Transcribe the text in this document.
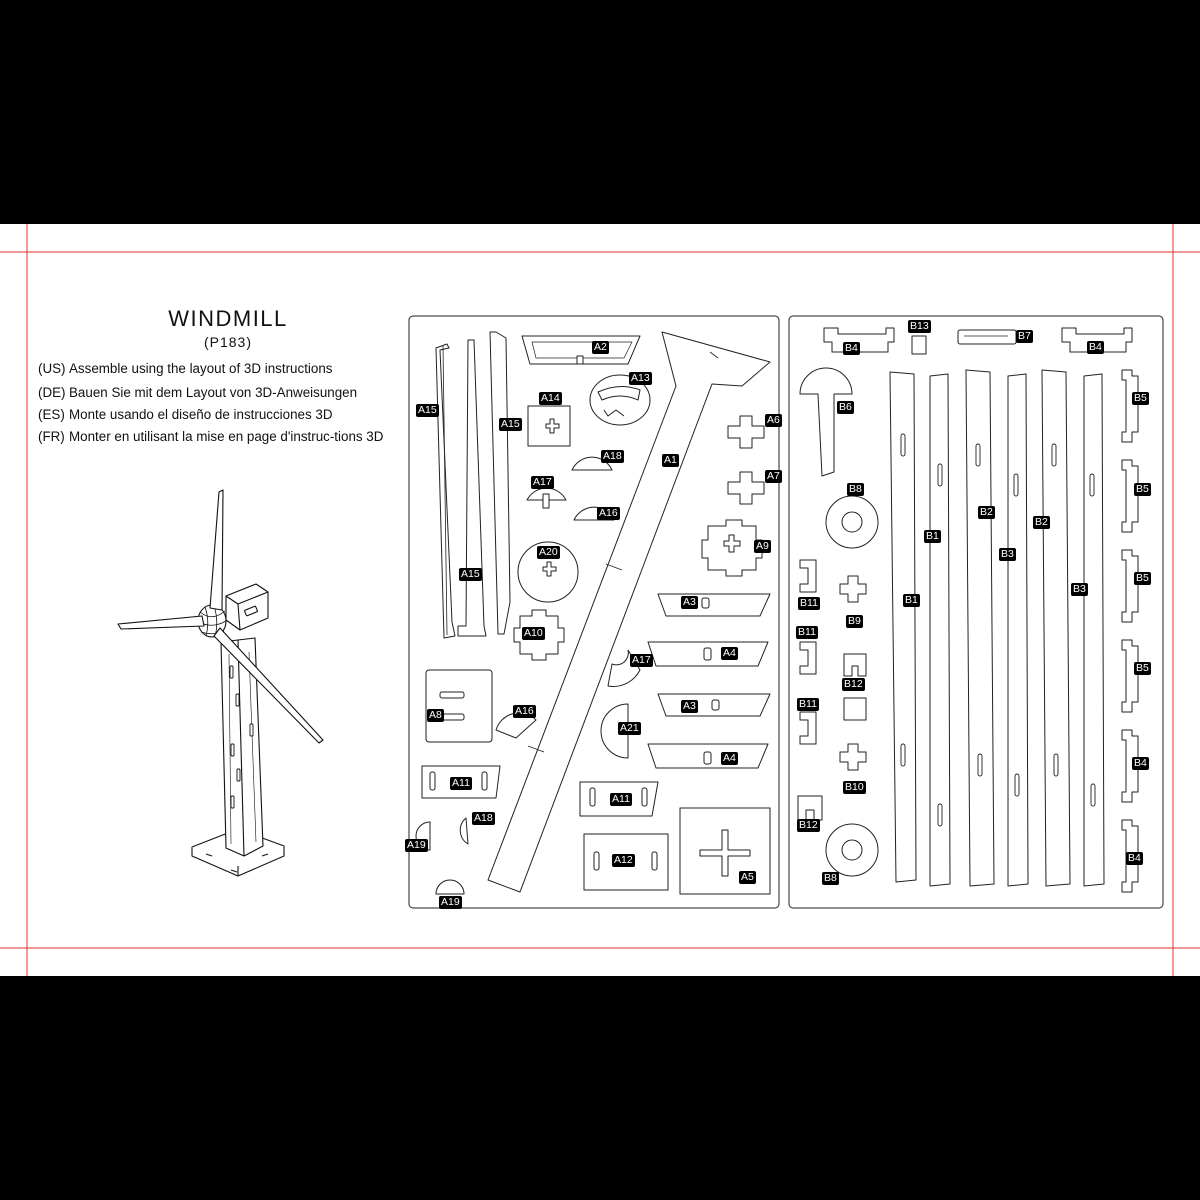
WINDMILL
(P183)
(US) Assemble using the layout of 3D instructions
(DE) Bauen Sie mit dem Layout von 3D-Anweisungen
(ES) Monte usando el diseño de instrucciones 3D
(FR) Monter en utilisant la mise en page d'instruc-tions 3D
A15
A15
A15
A2
A13
A14
A18
A17
A16
A20
A10
A1
A6
A7
A9
A3
A4
A17
A3
A21
A4
A8	A16
A11
A11
A18
A19
A12
A5
A19
B13
B7
B4	B4
B6
B8
B1
B2
B3
B2
B3
B1
B5
B5
B5
B5
B4
B4
B11
B9
B11
B12
B11
B10
B12
B8
